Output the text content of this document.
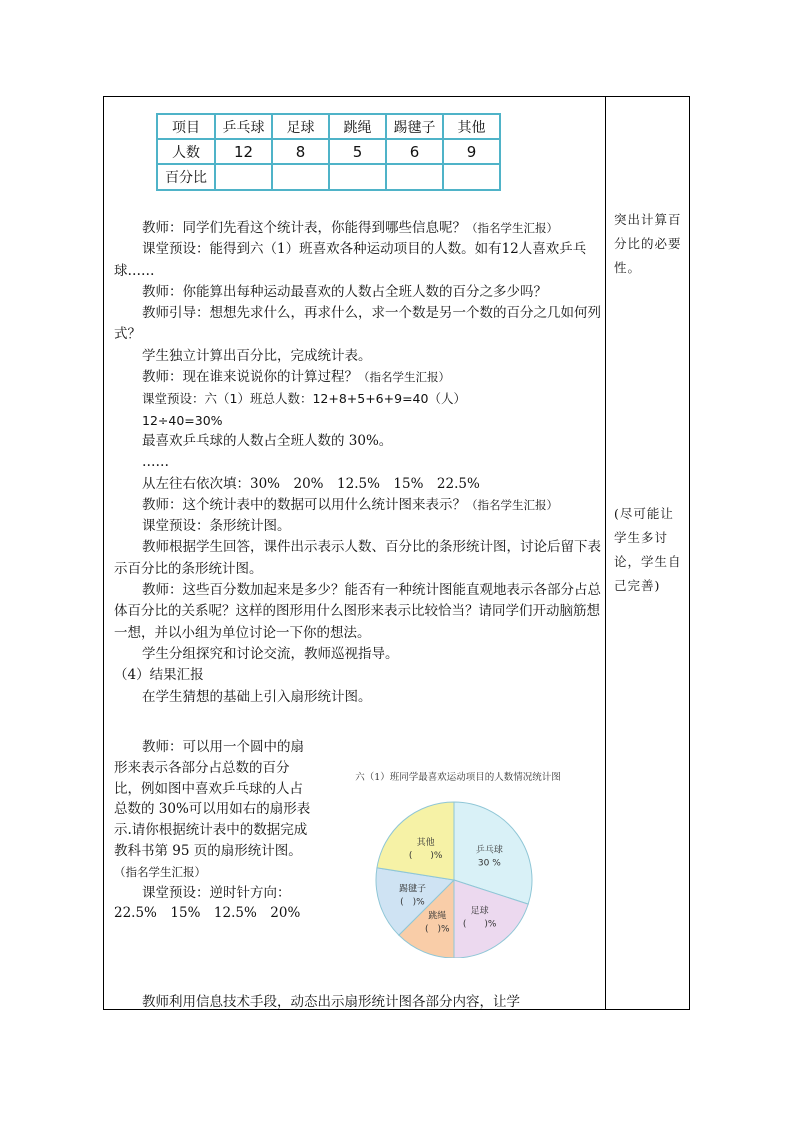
项目	乒乓球	足球	跳绳	踢毽子	其他
人数	12	8	5	6	9
百分比					

教师：同学们先看这个统计表，你能得到哪些信息呢？（指名学生汇报）

课堂预设：能得到六（1）班喜欢各种运动项目的人数。如有12人喜欢乒乓球……

教师：你能算出每种运动最喜欢的人数占全班人数的百分之多少吗？

教师引导：想想先求什么，再求什么，求一个数是另一个数的百分之几如何列式？

学生独立计算出百分比，完成统计表。

教师：现在谁来说说你的计算过程？（指名学生汇报）

课堂预设：六（1）班总人数：12+8+5+6+9=40（人）

12÷40=30%

最喜欢乒乓球的人数占全班人数的 30%。

……

从左往右依次填：30%　20%　12.5%　15%　22.5%

教师：这个统计表中的数据可以用什么统计图来表示？（指名学生汇报）

课堂预设：条形统计图。

教师根据学生回答，课件出示表示人数、百分比的条形统计图，讨论后留下表示百分比的条形统计图。

教师：这些百分数加起来是多少？能否有一种统计图能直观地表示各部分占总体百分比的关系呢？这样的图形用什么图形来表示比较恰当？请同学们开动脑筋想一想，并以小组为单位讨论一下你的想法。

学生分组探究和讨论交流，教师巡视指导。

（4）结果汇报

在学生猜想的基础上引入扇形统计图。

教师：可以用一个圆中的扇形来表示各部分占总数的百分比，例如图中喜欢乒乓球的人占总数的 30%可以用如右的扇形表示.请你根据统计表中的数据完成教科书第 95 页的扇形统计图。（指名学生汇报）

课堂预设：逆时针方向：22.5%　15%　12.5%　20%

教师利用信息技术手段，动态出示扇形统计图各部分内容，让学

突出计算百分比的必要性。

(尽可能让学生多讨论，学生自己完善)

六（1）班同学最喜欢运动项目的人数情况统计图
乒乓球
30 %
足球
(　　)%
跳绳
(　)%
踢毽子
(　)%
其他
(　　)%
